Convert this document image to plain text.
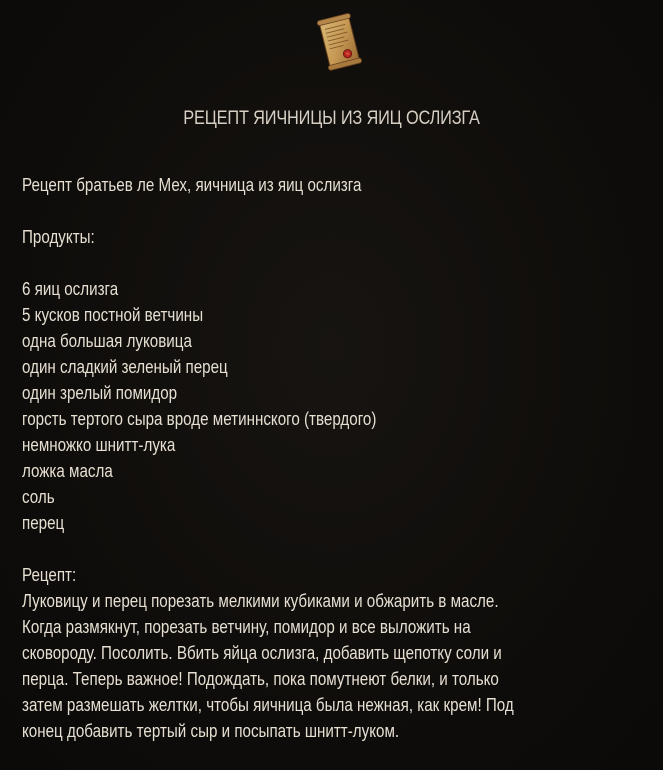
РЕЦЕПТ ЯИЧНИЦЫ ИЗ ЯИЦ ОСЛИЗГА

Рецепт братьев ле Мех, яичница из яиц ослизга

Продукты:

6 яиц ослизга

5 кусков постной ветчины

одна большая луковица

один сладкий зеленый перец

один зрелый помидор

горсть тертого сыра вроде метиннского (твердого)

немножко шнитт-лука

ложка масла

соль

перец

Рецепт:

Луковицу и перец порезать мелкими кубиками и обжарить в масле.

Когда размякнут, порезать ветчину, помидор и все выложить на

сковороду. Посолить. Вбить яйца ослизга, добавить щепотку соли и

перца. Теперь важное! Подождать, пока помутнеют белки, и только

затем размешать желтки, чтобы яичница была нежная, как крем! Под

конец добавить тертый сыр и посыпать шнитт-луком.
